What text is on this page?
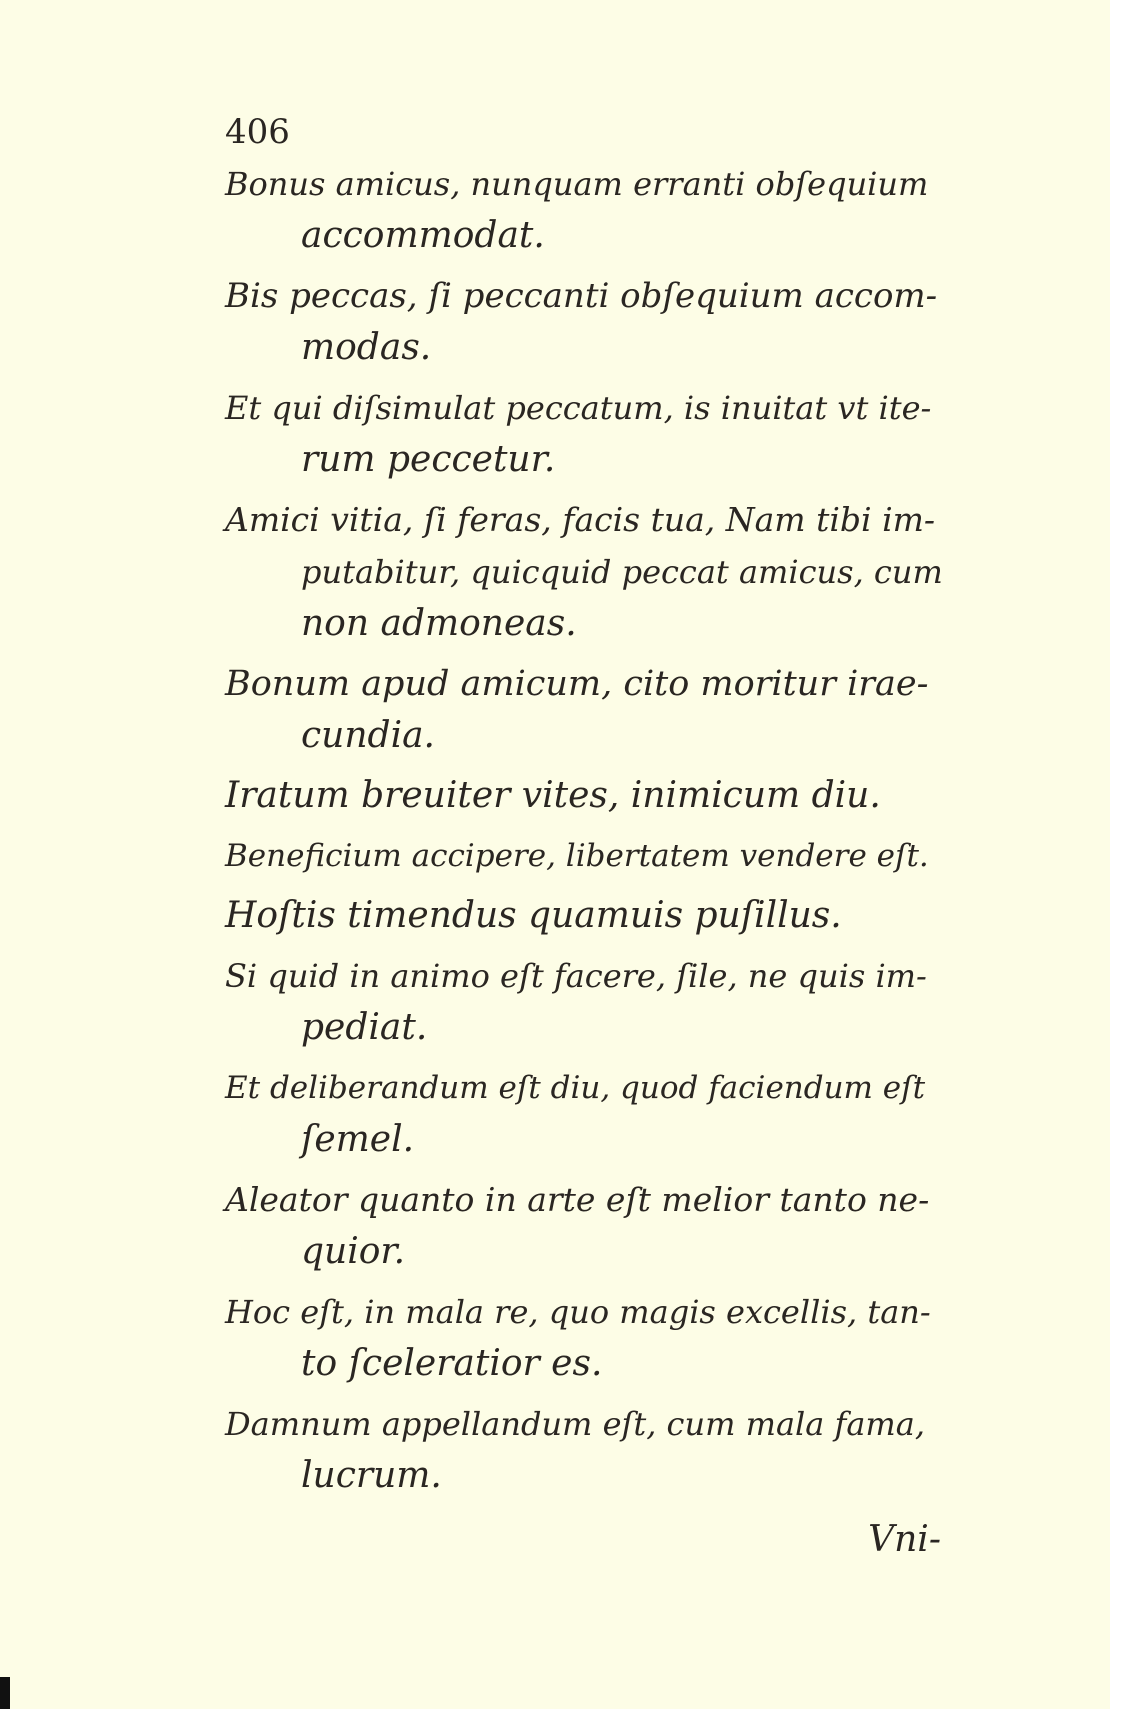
406
Bonus amicus, nunquam erranti obſequium
accommodat.
Bis peccas, ſi peccanti obſequium accom-
modas.
Et qui diſsimulat peccatum, is inuitat vt ite-
rum peccetur.
Amici vitia, ſi feras, facis tua, Nam tibi im-
putabitur, quicquid peccat amicus, cum
non admoneas.
Bonum apud amicum, cito moritur irae-
cundia.
Iratum breuiter vites, inimicum diu.
Beneficium accipere, libertatem vendere eſt.
Hoſtis timendus quamuis puſillus.
Si quid in animo eſt facere, ſile, ne quis im-
pediat.
Et deliberandum eſt diu, quod faciendum eſt
ſemel.
Aleator quanto in arte eſt melior tanto ne-
quior.
Hoc eſt, in mala re, quo magis excellis, tan-
to ſceleratior es.
Damnum appellandum eſt, cum mala fama,
lucrum.
Vni-
